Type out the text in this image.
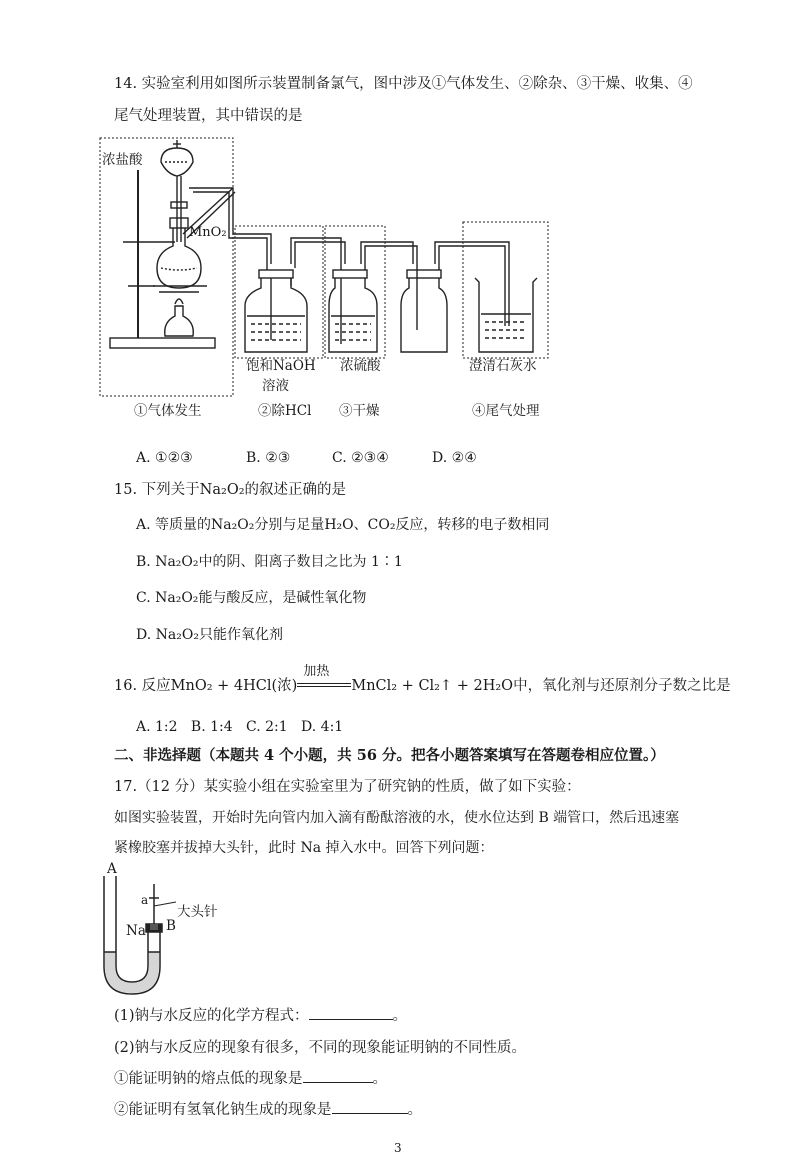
14. 实验室利用如图所示装置制备氯气，图中涉及①气体发生、②除杂、③干燥、收集、④
尾气处理装置，其中错误的是
浓盐酸
MnO₂
饱和NaOH
溶液
浓硫酸	澄清石灰水
①气体发生	②除HCl ③干燥	④尾气处理
A. ①②③	B. ②③	C. ②③④	D. ②④
15. 下列关于Na₂O₂的叙述正确的是
A. 等质量的Na₂O₂分别与足量H₂O、CO₂反应，转移的电子数相同
B. Na₂O₂中的阴、阳离子数目之比为 1∶1
C. Na₂O₂能与酸反应，是碱性氧化物
D. Na₂O₂只能作氧化剂
16. 反应MnO₂ + 4HCl(浓)
加热
MnCl₂ + Cl₂↑ + 2H₂O中，氧化剂与还原剂分子数之比是
A. 1:2 B. 1:4 C. 2:1 D. 4:1
二、非选择题（本题共 4 个小题，共 56 分。把各小题答案填写在答题卷相应位置。）
17.（12 分）某实验小组在实验室里为了研究钠的性质，做了如下实验：
如图实验装置，开始时先向管内加入滴有酚酞溶液的水，使水位达到 B 端管口，然后迅速塞
紧橡胶塞并拔掉大头针，此时 Na 掉入水中。回答下列问题：
A
a
大头针
Na B
(1)钠与水反应的化学方程式：	。
(2)钠与水反应的现象有很多，不同的现象能证明钠的不同性质。
①能证明钠的熔点低的现象是	。
②能证明有氢氧化钠生成的现象是	。
3
